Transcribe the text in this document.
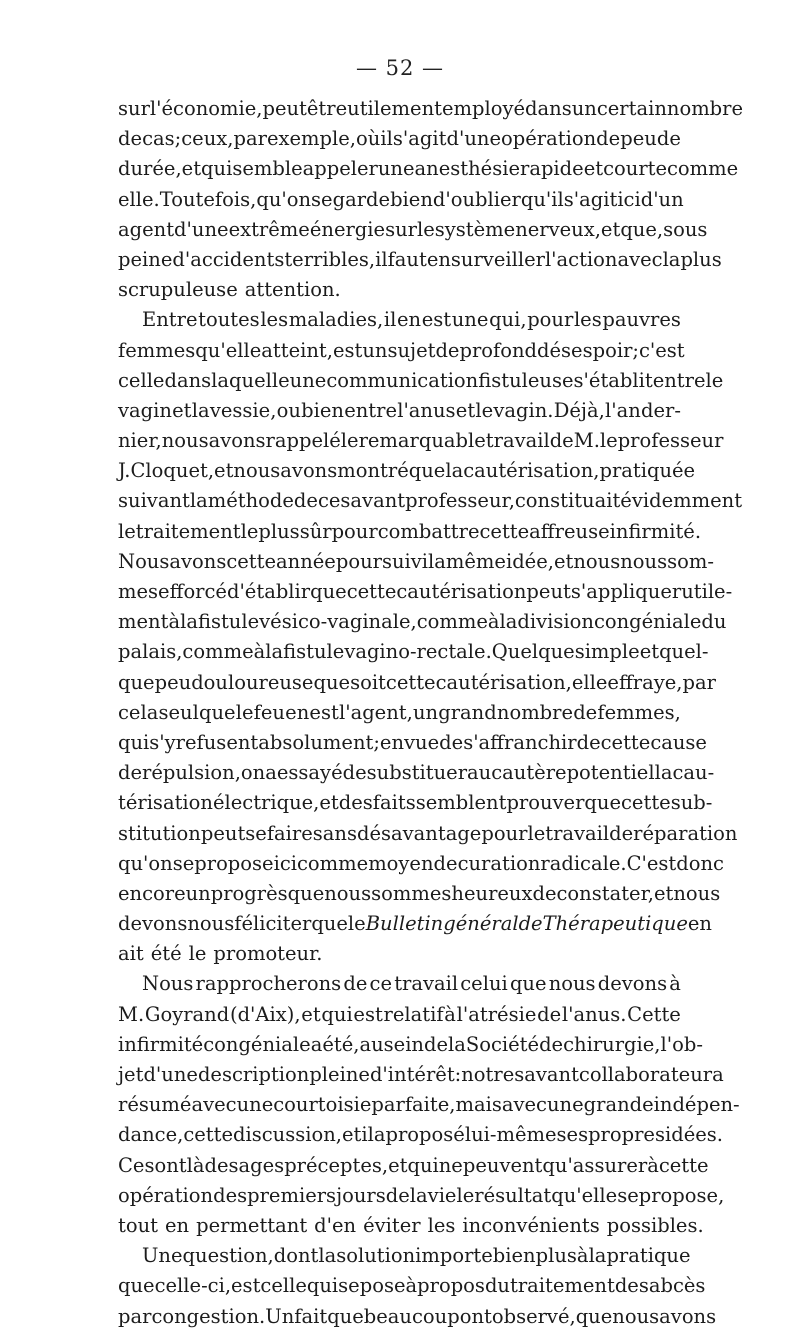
— 52 —
sur l'économie, peut être utilement employé dans un certain nombre
de cas ; ceux, par exemple, où il s'agit d'une opération de peu de
durée, et qui semble appeler une anesthésie rapide et courte comme
elle. Toutefois, qu'on se garde bien d'oublier qu'il s'agit ici d'un
agent d'une extrême énergie sur le système nerveux, et que, sous
peine d'accidents terribles, il faut en surveiller l'action avec la plus
scrupuleuse attention.
Entre toutes les maladies, il en est une qui, pour les pauvres
femmes qu'elle atteint, est un sujet de profond désespoir ; c'est
celle dans laquelle une communication fistuleuse s'établit entre le
vagin et la vessie, ou bien entre l'anus et le vagin. Déjà, l'an der-
nier, nous avons rappelé le remarquable travail de M. le professeur
J. Cloquet, et nous avons montré que la cautérisation, pratiquée
suivant la méthode de ce savant professeur, constituait évidemment
le traitement le plus sûr pour combattre cette affreuse infirmité.
Nous avons cette année poursuivi la même idée, et nous nous som-
mes efforcé d'établir que cette cautérisation peut s'appliquer utile-
ment à la fistule vésico-vaginale, comme à la division congéniale du
palais, comme à la fistule vagino-rectale. Quelque simple et quel-
que peu douloureuse que soit cette cautérisation, elle effraye, par
cela seul que le feu en est l'agent, un grand nombre de femmes,
qui s'y refusent absolument ; en vue de s'affranchir de cette cause
de répulsion, on a essayé de substituer au cautère potentiel la cau-
térisation électrique, et des faits semblent prouver que cette sub-
stitution peut se faire sans désavantage pour le travail de réparation
qu'on se propose ici comme moyen de curation radicale. C'est donc
encore un progrès que nous sommes heureux de constater, et nous
devons nous féliciter que le Bulletin général de Thérapeutique en
ait été le promoteur.
Nous rapprocherons de ce travail celui que nous devons à
M. Goyrand (d'Aix), et qui est relatif à l'atrésie de l'anus. Cette
infirmité congéniale a été, au sein de la Société de chirurgie, l'ob-
jet d'une description pleine d'intérêt : notre savant collaborateur a
résumé avec une courtoisie parfaite, mais avec une grande indépen-
dance, cette discussion, et il a proposé lui-même ses propres idées.
Ce sont là de sages préceptes, et qui ne peuvent qu'assurer à cette
opération des premiers jours de la vie le résultat qu'elle se propose,
tout en permettant d'en éviter les inconvénients possibles.
Une question, dont la solution importe bien plus à la pratique
que celle-ci, est celle qui se pose à propos du traitement des abcès
par congestion. Un fait que beaucoup ont observé, que nous avons
